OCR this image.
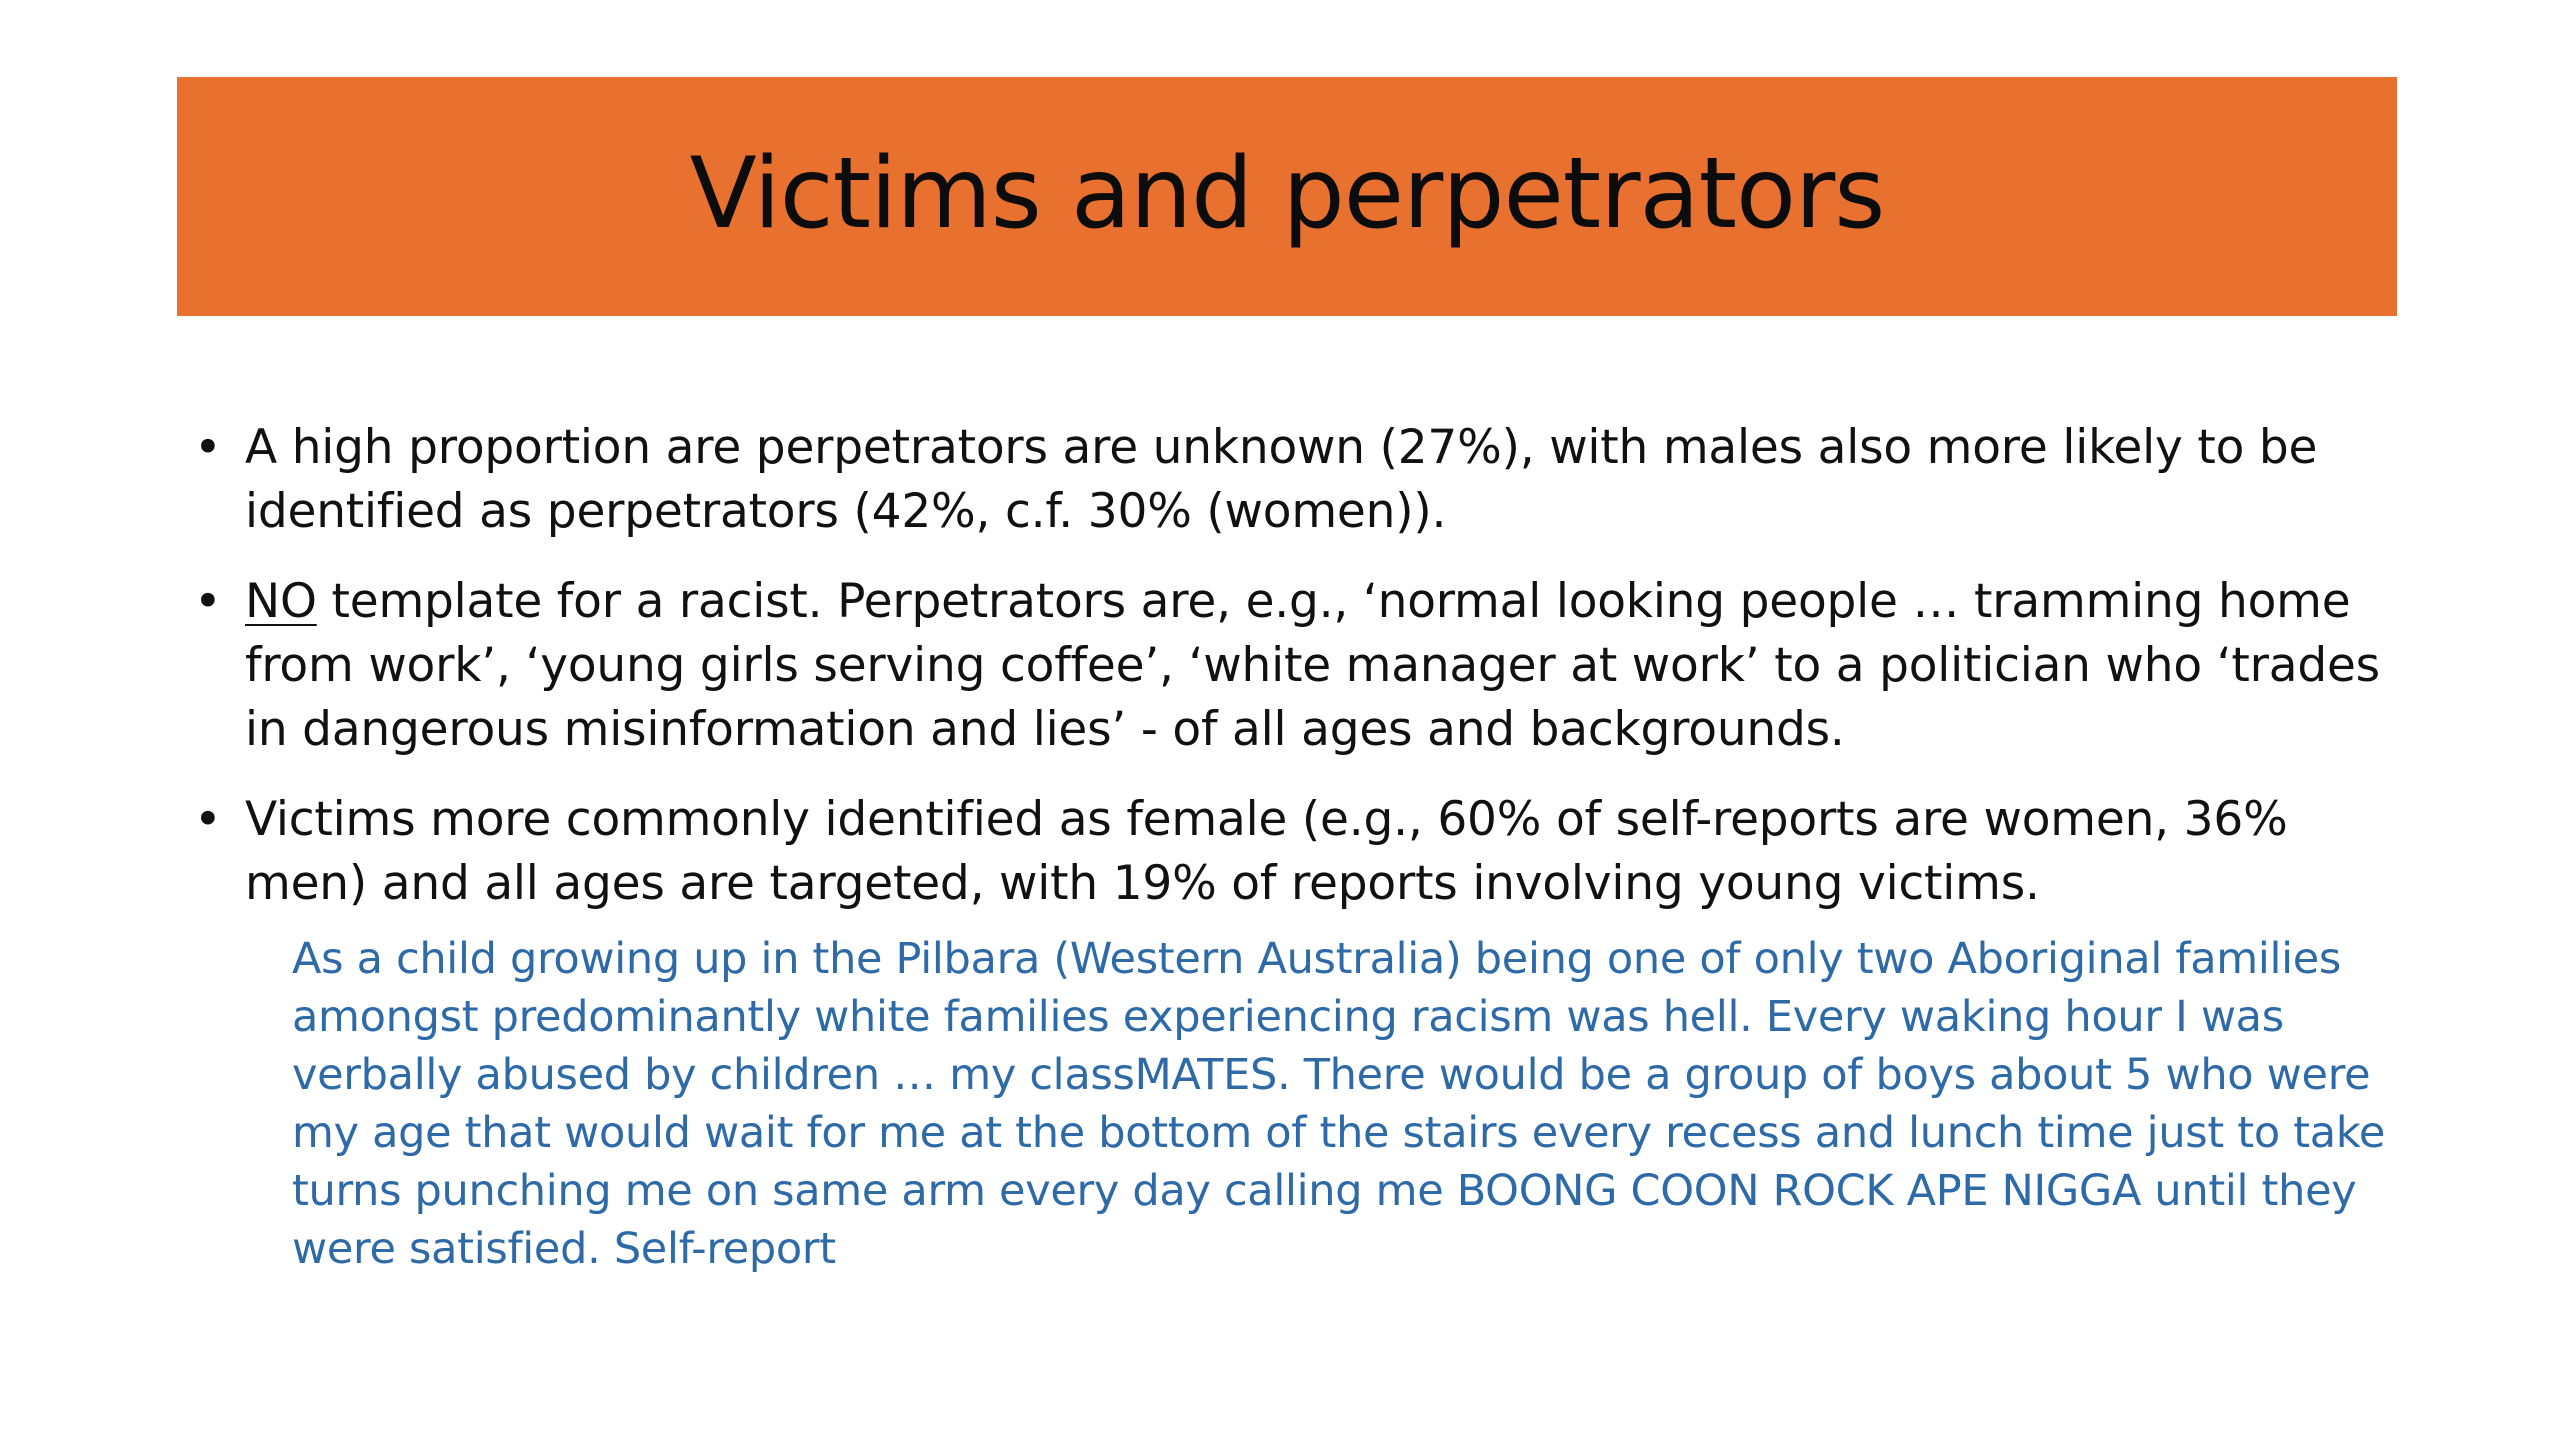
Victims and perpetrators
• A high proportion are perpetrators are unknown (27%), with males also more likely to be identified as perpetrators (42%, c.f. 30% (women)).
• NO template for a racist. Perpetrators are, e.g., ‘normal looking people … tramming home from work’, ‘young girls serving coffee’, ‘white manager at work’ to a politician who ‘trades in dangerous misinformation and lies’ - of all ages and backgrounds.
• Victims more commonly identified as female (e.g., 60% of self-reports are women, 36% men) and all ages are targeted, with 19% of reports involving young victims.
As a child growing up in the Pilbara (Western Australia) being one of only two Aboriginal families amongst predominantly white families experiencing racism was hell. Every waking hour I was verbally abused by children … my classMATES. There would be a group of boys about 5 who were my age that would wait for me at the bottom of the stairs every recess and lunch time just to take turns punching me on same arm every day calling me BOONG COON ROCK APE NIGGA until they were satisfied. Self-report
